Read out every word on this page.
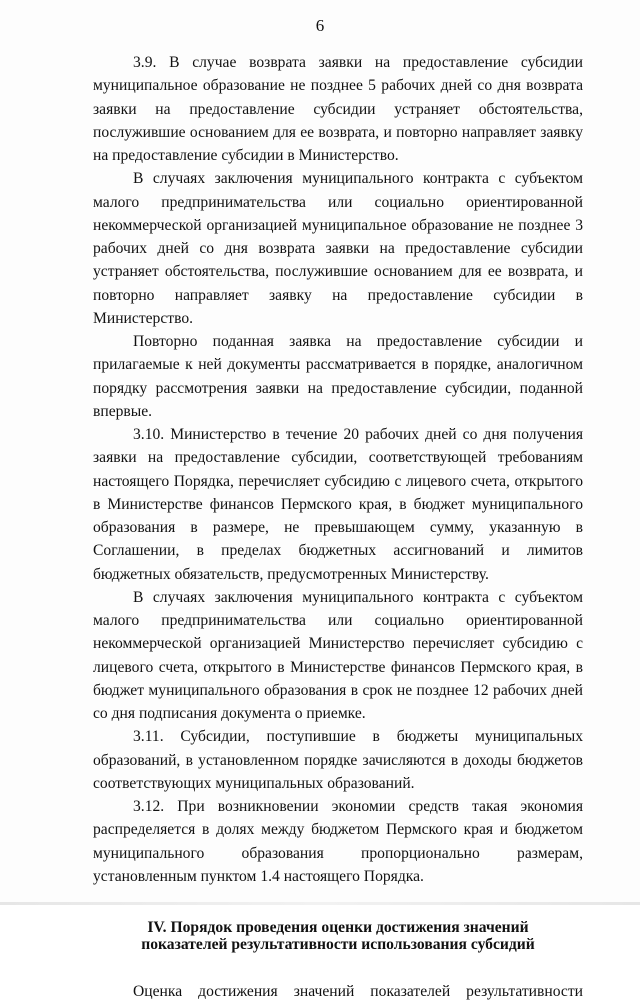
6

3.9. В случае возврата заявки на предоставление субсидии муниципальное образование не позднее 5 рабочих дней со дня возврата заявки на предоставление субсидии устраняет обстоятельства, послужившие основанием для ее возврата, и повторно направляет заявку на предоставление субсидии в Министерство.

В случаях заключения муниципального контракта с субъектом малого предпринимательства или социально ориентированной некоммерческой организацией муниципальное образование не позднее 3 рабочих дней со дня возврата заявки на предоставление субсидии устраняет обстоятельства, послужившие основанием для ее возврата, и повторно направляет заявку на предоставление субсидии в Министерство.

Повторно поданная заявка на предоставление субсидии и прилагаемые к ней документы рассматривается в порядке, аналогичном порядку рассмотрения заявки на предоставление субсидии, поданной впервые.

3.10. Министерство в течение 20 рабочих дней со дня получения заявки на предоставление субсидии, соответствующей требованиям настоящего Порядка, перечисляет субсидию с лицевого счета, открытого в Министерстве финансов Пермского края, в бюджет муниципального образования в размере, не превышающем сумму, указанную в Соглашении, в пределах бюджетных ассигнований и лимитов бюджетных обязательств, предусмотренных Министерству.

В случаях заключения муниципального контракта с субъектом малого предпринимательства или социально ориентированной некоммерческой организацией Министерство перечисляет субсидию с лицевого счета, открытого в Министерстве финансов Пермского края, в бюджет муниципального образования в срок не позднее 12 рабочих дней со дня подписания документа о приемке.

3.11. Субсидии, поступившие в бюджеты муниципальных образований, в установленном порядке зачисляются в доходы бюджетов соответствующих муниципальных образований.

3.12. При возникновении экономии средств такая экономия распределяется в долях между бюджетом Пермского края и бюджетом муниципального образования пропорционально размерам, установленным пунктом 1.4 настоящего Порядка.

IV. Порядок проведения оценки достижения значений
показателей результативности использования субсидий

Оценка достижения значений показателей результативности
